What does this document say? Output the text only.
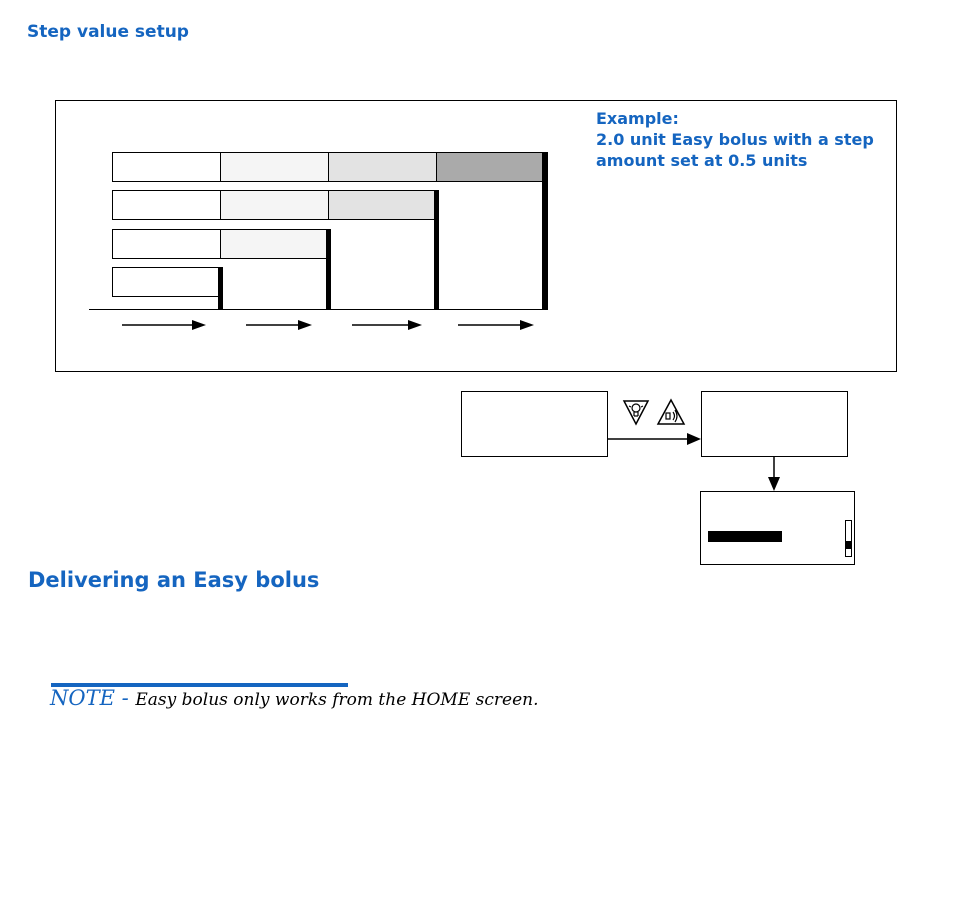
Step value setup
Example:
2.0 unit Easy bolus with a step
amount set at 0.5 units
Delivering an Easy bolus
NOTE - Easy bolus only works from the HOME screen.
